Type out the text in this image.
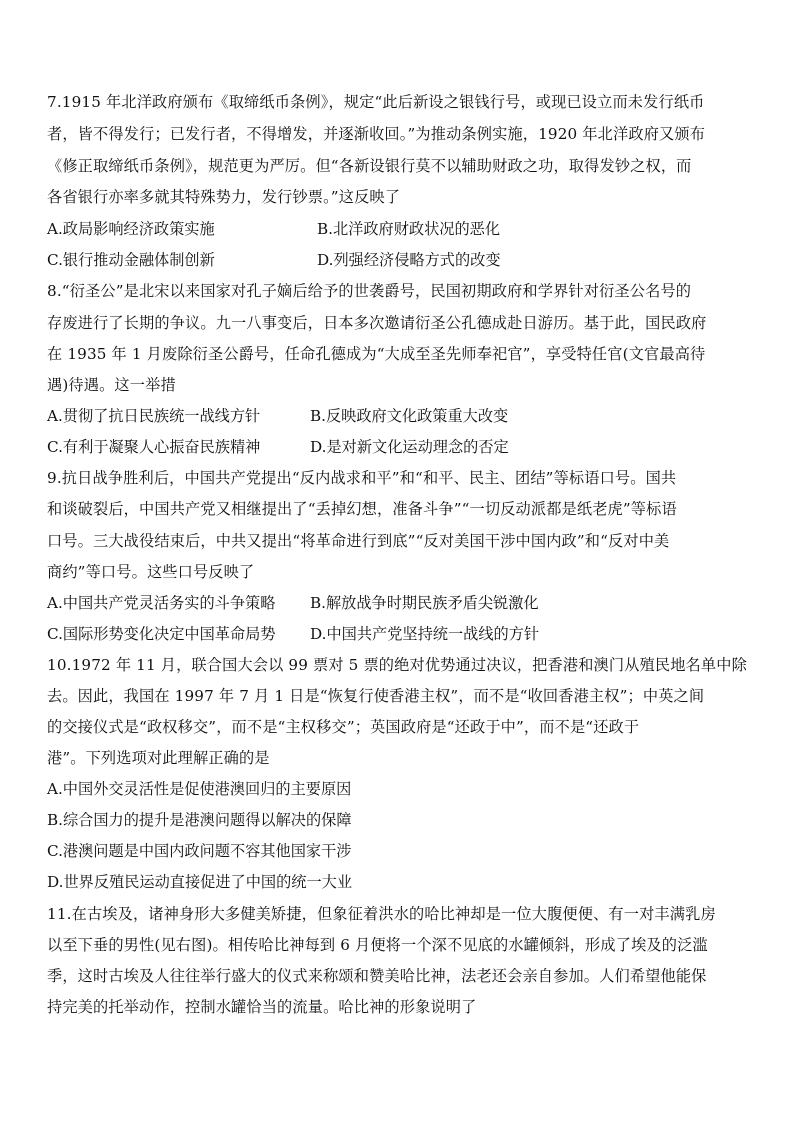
7.1915 年北洋政府颁布《取缔纸币条例》，规定“此后新设之银钱行号，或现已设立而未发行纸币
者，皆不得发行；已发行者，不得增发，并逐渐收回。”为推动条例实施，1920 年北洋政府又颁布
《修正取缔纸币条例》，规范更为严厉。但“各新设银行莫不以辅助财政之功，取得发钞之权，而
各省银行亦率多就其特殊势力，发行钞票。”这反映了
A.政局影响经济政策实施	B.北洋政府财政状况的恶化
C.银行推动金融体制创新	D.列强经济侵略方式的改变
8.“衍圣公”是北宋以来国家对孔子嫡后给予的世袭爵号，民国初期政府和学界针对衍圣公名号的
存废进行了长期的争议。九一八事变后，日本多次邀请衍圣公孔德成赴日游历。基于此，国民政府
在 1935 年 1 月废除衍圣公爵号，任命孔德成为“大成至圣先师奉祀官”，享受特任官(文官最高待
遇)待遇。这一举措
A.贯彻了抗日民族统一战线方针	B.反映政府文化政策重大改变
C.有利于凝聚人心振奋民族精神	D.是对新文化运动理念的否定
9.抗日战争胜利后，中国共产党提出“反内战求和平”和“和平、民主、团结”等标语口号。国共
和谈破裂后，中国共产党又相继提出了“丢掉幻想，准备斗争”“一切反动派都是纸老虎”等标语
口号。三大战役结束后，中共又提出“将革命进行到底”“反对美国干涉中国内政”和“反对中美
商约”等口号。这些口号反映了
A.中国共产党灵活务实的斗争策略 B.解放战争时期民族矛盾尖锐激化
C.国际形势变化决定中国革命局势 D.中国共产党坚持统一战线的方针
10.1972 年 11 月，联合国大会以 99 票对 5 票的绝对优势通过决议，把香港和澳门从殖民地名单中除
去。因此，我国在 1997 年 7 月 1 日是“恢复行使香港主权”，而不是“收回香港主权”；中英之间
的交接仪式是“政权移交”，而不是“主权移交”；英国政府是“还政于中”，而不是“还政于
港”。下列选项对此理解正确的是
A.中国外交灵活性是促使港澳回归的主要原因
B.综合国力的提升是港澳问题得以解决的保障
C.港澳问题是中国内政问题不容其他国家干涉
D.世界反殖民运动直接促进了中国的统一大业
11.在古埃及，诸神身形大多健美矫捷，但象征着洪水的哈比神却是一位大腹便便、有一对丰满乳房
以至下垂的男性(见右图)。相传哈比神每到 6 月便将一个深不见底的水罐倾斜，形成了埃及的泛滥
季，这时古埃及人往往举行盛大的仪式来称颂和赞美哈比神，法老还会亲自参加。人们希望他能保
持完美的托举动作，控制水罐恰当的流量。哈比神的形象说明了
